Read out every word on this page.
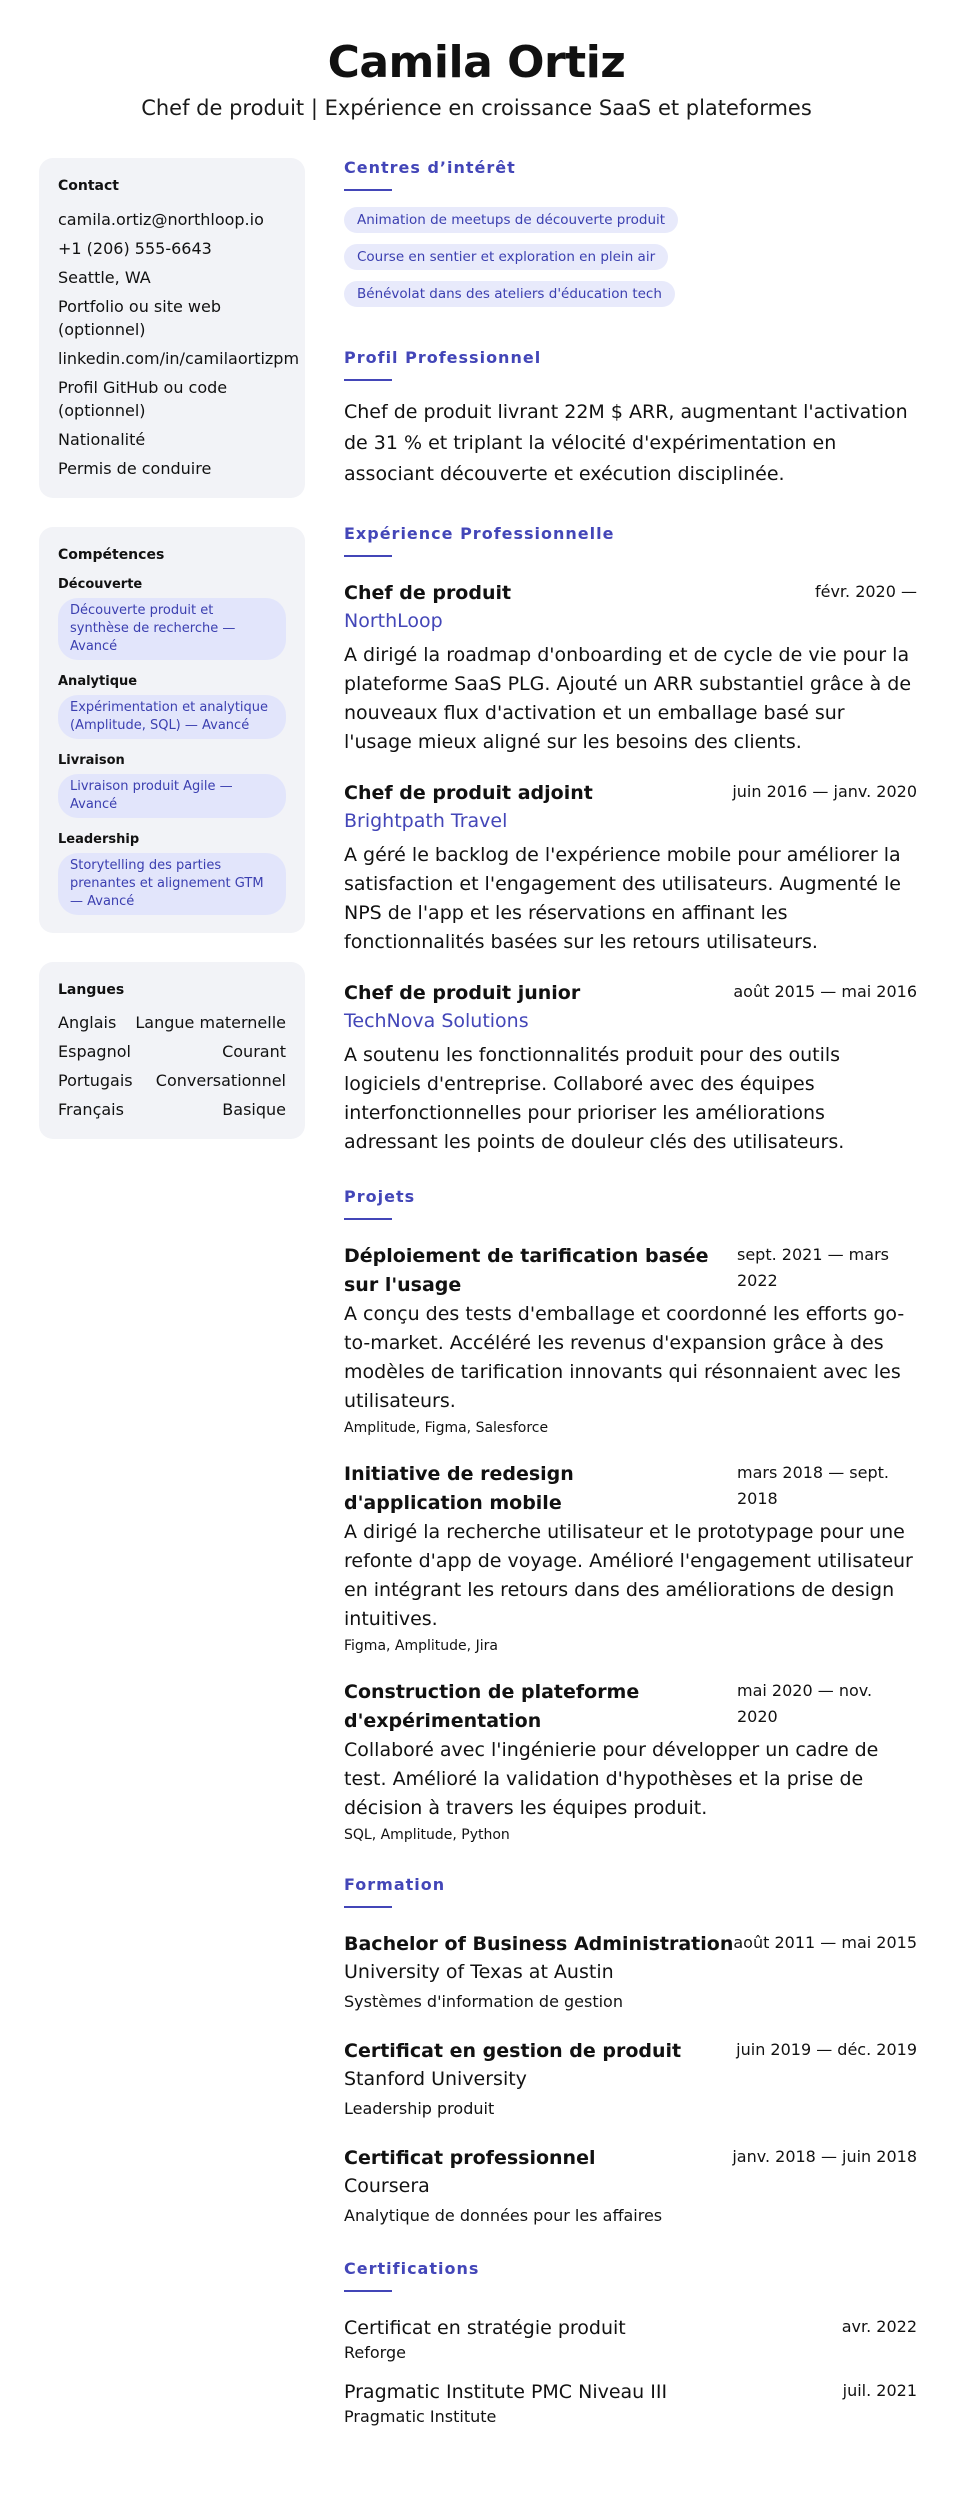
Camila Ortiz
Chef de produit | Expérience en croissance SaaS et plateformes
Contact
camila.ortiz@northloop.io
+1 (206) 555-6643
Seattle, WA
Portfolio ou site web (optionnel)
linkedin.com/in/camilaortizpm
Profil GitHub ou code (optionnel)
Nationalité
Permis de conduire
Compétences
Découverte
Découverte produit et synthèse de recherche — Avancé
Analytique
Expérimentation et analytique (Amplitude, SQL) — Avancé
Livraison
Livraison produit Agile — Avancé
Leadership
Storytelling des parties prenantes et alignement GTM — Avancé
Langues
Anglais Langue maternelle
Espagnol	Courant
Portugais Conversationnel
Français	Basique
Centres d’intérêt
Animation de meetups de découverte produit
Course en sentier et exploration en plein air
Bénévolat dans des ateliers d'éducation tech
Profil Professionnel
Chef de produit livrant 22M $ ARR, augmentant l'activation de 31 % et triplant la vélocité d'expérimentation en associant découverte et exécution disciplinée.
Expérience Professionnelle
Chef de produit	févr. 2020 —
NorthLoop
A dirigé la roadmap d'onboarding et de cycle de vie pour la plateforme SaaS PLG. Ajouté un ARR substantiel grâce à de nouveaux flux d'activation et un emballage basé sur l'usage mieux aligné sur les besoins des clients.
Chef de produit adjoint	juin 2016 — janv. 2020
Brightpath Travel
A géré le backlog de l'expérience mobile pour améliorer la satisfaction et l'engagement des utilisateurs. Augmenté le NPS de l'app et les réservations en affinant les fonctionnalités basées sur les retours utilisateurs.
Chef de produit junior	août 2015 — mai 2016
TechNova Solutions
A soutenu les fonctionnalités produit pour des outils logiciels d'entreprise. Collaboré avec des équipes interfonctionnelles pour prioriser les améliorations adressant les points de douleur clés des utilisateurs.
Projets
Déploiement de tarification basée sur l'usage
sept. 2021 — mars 2022
A conçu des tests d'emballage et coordonné les efforts go-to-market. Accéléré les revenus d'expansion grâce à des modèles de tarification innovants qui résonnaient avec les utilisateurs.
Amplitude, Figma, Salesforce
Initiative de redesign d'application mobile
mars 2018 — sept. 2018
A dirigé la recherche utilisateur et le prototypage pour une refonte d'app de voyage. Amélioré l'engagement utilisateur en intégrant les retours dans des améliorations de design intuitives.
Figma, Amplitude, Jira
Construction de plateforme d'expérimentation
mai 2020 — nov. 2020
Collaboré avec l'ingénierie pour développer un cadre de test. Amélioré la validation d'hypothèses et la prise de décision à travers les équipes produit.
SQL, Amplitude, Python
Formation
Bachelor of Business Administration août 2011 — mai 2015
University of Texas at Austin
Systèmes d'information de gestion
Certificat en gestion de produit	juin 2019 — déc. 2019
Stanford University
Leadership produit
Certificat professionnel	janv. 2018 — juin 2018
Coursera
Analytique de données pour les affaires
Certifications
Certificat en stratégie produit	avr. 2022
Reforge
Pragmatic Institute PMC Niveau III	juil. 2021
Pragmatic Institute
